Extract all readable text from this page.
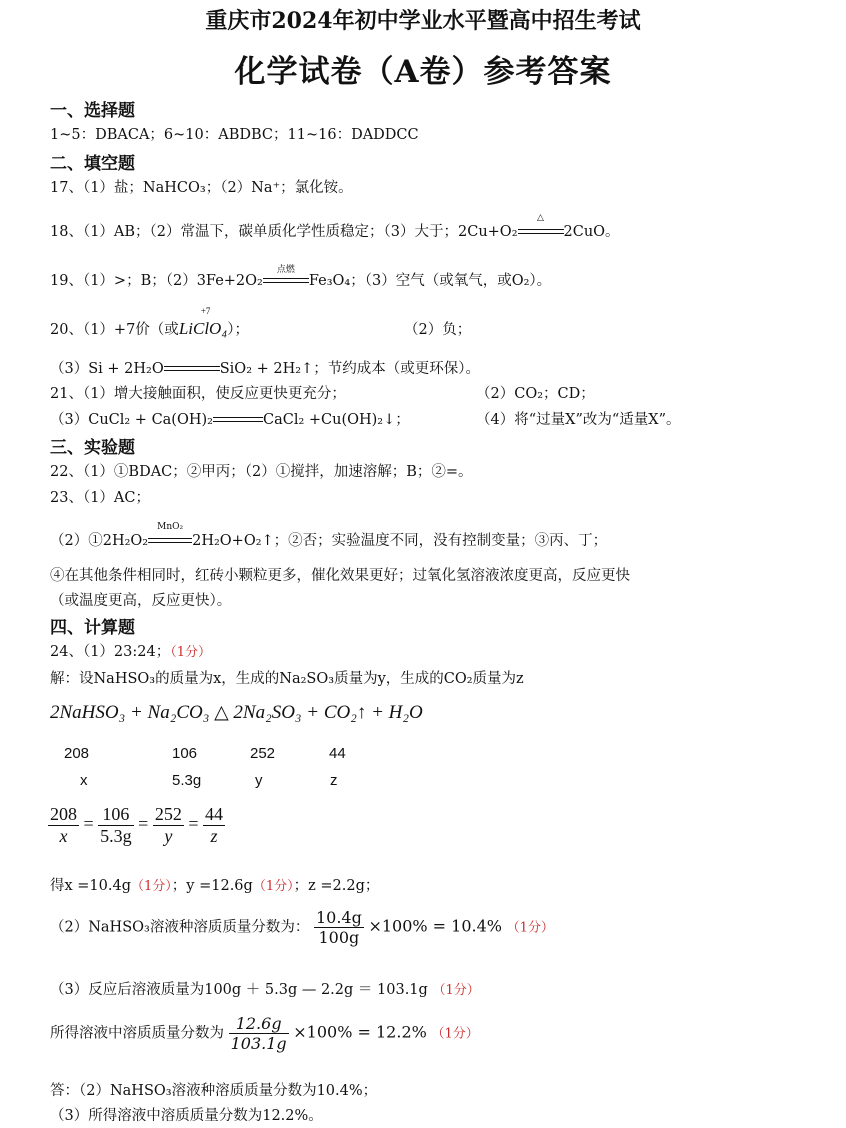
重庆市2024年初中学业水平暨高中招生考试
化学试卷（A卷）参考答案
一、选择题
1~5：DBACA；6~10：ABDBC；11~16：DADDCC
二、填空题
17、（1）盐；NaHCO₃；（2）Na⁺；氯化铵。
18、（1）AB；（2）常温下，碳单质化学性质稳定；（3）大于；2Cu+O₂
△
2CuO。
19、（1）>；B；（2）3Fe+2O₂
点燃
Fe₃O₄；（3）空气（或氧气，或O₂）。
20、（1）+7价（或LiClO₄
+7
）；	（2）负；
（3）Si + 2H₂O	SiO₂ + 2H₂↑；节约成本（或更环保）。
21、（1）增大接触面积，使反应更快更充分；	（2）CO₂；CD；
（3）CuCl₂ + Ca(OH)₂	CaCl₂ +Cu(OH)₂↓；	（4）将“过量X”改为“适量X”。
三、实验题
22、（1）①BDAC；②甲丙；（2）①搅拌，加速溶解；B；②=。
23、（1）AC；
（2）①2H₂O₂
MnO₂
2H₂O+O₂↑；②否；实验温度不同，没有控制变量；③丙、丁；
④在其他条件相同时，红砖小颗粒更多，催化效果更好；过氧化氢溶液浓度更高，反应更快
（或温度更高，反应更快）。
四、计算题
24、（1）23:24；（1分）
解：设NaHSO₃的质量为x，生成的Na₂SO₃质量为y，生成的CO₂质量为z
2NaHSO₃ + Na₂CO₃ △ 2Na₂SO₃ + CO₂↑ + H₂O
208	106	252	44
x	5.3g	y	z
$\frac{208}{x} = \frac{106}{5.3g} = \frac{252}{y} = \frac{44}{z}$
得x =10.4g（1分）；y =12.6g（1分）；z =2.2g；
（2）NaHSO₃溶液种溶质质量分数为： $\frac{10.4g}{100g} \times 100\% = 10.4\%$ （1分）
（3）反应后溶液质量为100g ＋ 5.3g — 2.2g ＝ 103.1g （1分）
所得溶液中溶质质量分数为 $\frac{12.6g}{103.1g} \times 100\% = 12.2\%$ （1分）
答：（2）NaHSO₃溶液种溶质质量分数为10.4%；
（3）所得溶液中溶质质量分数为12.2%。
